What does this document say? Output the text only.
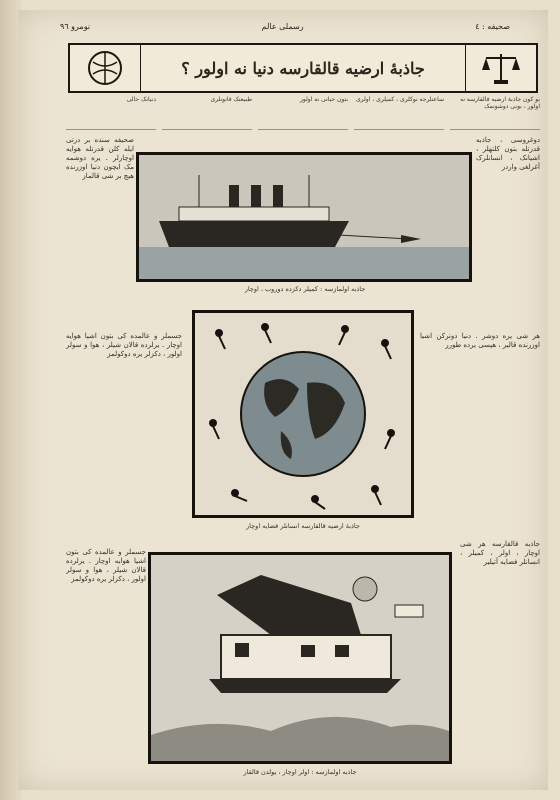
صحیفه : ٤
رسملی عالم
نومرو ٩٦
جاذبهٔ ارضیه قالقارسه دنیا نه اولور ؟
بو کون جاذبهٔ ارضیه قالقارسه نه اولور ، بونی دوشونمک
ساعتلرجه نوکلری ، کمیلری ، اولری
بتون حیاتی نه اولور
طبیعتک قانونلری
دنیانک حالی
صحیفه سنده بر درتی ایله کلن قدرتله هوایه اوچارلر . یره دوشمه مک ایچون دنیا اوزرنده هیچ بر شی قالماز
جسملر و عالمده کی بتون اشیا هوایه اوچار . یرلرده قالان شیلر ، هوا و سولر اولور ، دکزلر یره دوکولمز
جسملر و عالمده کی بتون اشیا هوایه اوچار . یرلرده قالان شیلر ، هوا و سولر اولور ، دکزلر یره دوکولمز
دوغروسی ، جاذبه قدرتله بتون کلتهلر ، اشیانک ، انسانلرک آغرلغی واردر
هر شی یره دوشر . دنیا دونرکن اشیا اوزرنده قالیر ، هپسی یرده طورر
جاذبه قالقارسه هر شی اوچار ، اولر ، کمیلر ، انسانلر فضایه آتیلیر
جاذبه اولمازسه : کمیلر دکزده دوروب ، اوچار
جاذبهٔ ارضیه قالقارسه انسانلر فضایه اوچار
جاذبه اولمازسه : اولر اوچار ، یولدن قالقار
